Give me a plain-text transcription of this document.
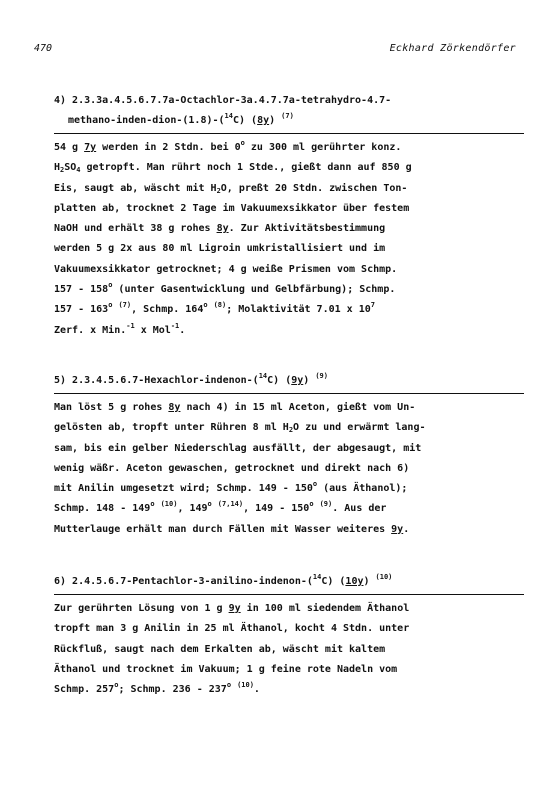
470	Eckhard Zörkendörfer
4) 2.3.3a.4.5.6.7.7a-Octachlor-3a.4.7.7a-tetrahydro-4.7-
methano-inden-dion-(1.8)-($^{14}$C) (8y) $^{(7)}$
54 g 7y werden in 2 Stdn. bei 0$^o$ zu 300 ml gerührter konz.
$H_2SO_4$ getropft. Man rührt noch 1 Stde., gießt dann auf 850 g
Eis, saugt ab, wäscht mit $H_2O$, preßt 20 Stdn. zwischen Ton-
platten ab, trocknet 2 Tage im Vakuumexsikkator über festem
NaOH und erhält 38 g rohes 8y. Zur Aktivitätsbestimmung
werden 5 g 2x aus 80 ml Ligroin umkristallisiert und im
Vakuumexsikkator getrocknet; 4 g weiße Prismen vom Schmp.
157 - 158$^o$ (unter Gasentwicklung und Gelbfärbung); Schmp.
157 - 163$^o$ $^{(7)}$, Schmp. 164$^o$ $^{(8)}$; Molaktivität 7.01 x $10^7$
Zerf. x Min.$^{-1}$ x Mol$^{-1}$.
5) 2.3.4.5.6.7-Hexachlor-indenon-($^{14}$C) (9y) $^{(9)}$
Man löst 5 g rohes 8y nach 4) in 15 ml Aceton, gießt vom Un-
gelösten ab, tropft unter Rühren 8 ml $H_2O$ zu und erwärmt lang-
sam, bis ein gelber Niederschlag ausfällt, der abgesaugt, mit
wenig wäßr. Aceton gewaschen, getrocknet und direkt nach 6)
mit Anilin umgesetzt wird; Schmp. 149 - 150$^o$ (aus Äthanol);
Schmp. 148 - 149$^o$ $^{(10)}$, 149$^o$ $^{(7,14)}$, 149 - 150$^o$ $^{(9)}$. Aus der
Mutterlauge erhält man durch Fällen mit Wasser weiteres 9y.
6) 2.4.5.6.7-Pentachlor-3-anilino-indenon-($^{14}$C) (10y) $^{(10)}$
Zur gerührten Lösung von 1 g 9y in 100 ml siedendem Äthanol
tropft man 3 g Anilin in 25 ml Äthanol, kocht 4 Stdn. unter
Rückfluß, saugt nach dem Erkalten ab, wäscht mit kaltem
Äthanol und trocknet im Vakuum; 1 g feine rote Nadeln vom
Schmp. 257$^o$; Schmp. 236 - 237$^o$ $^{(10)}$.
